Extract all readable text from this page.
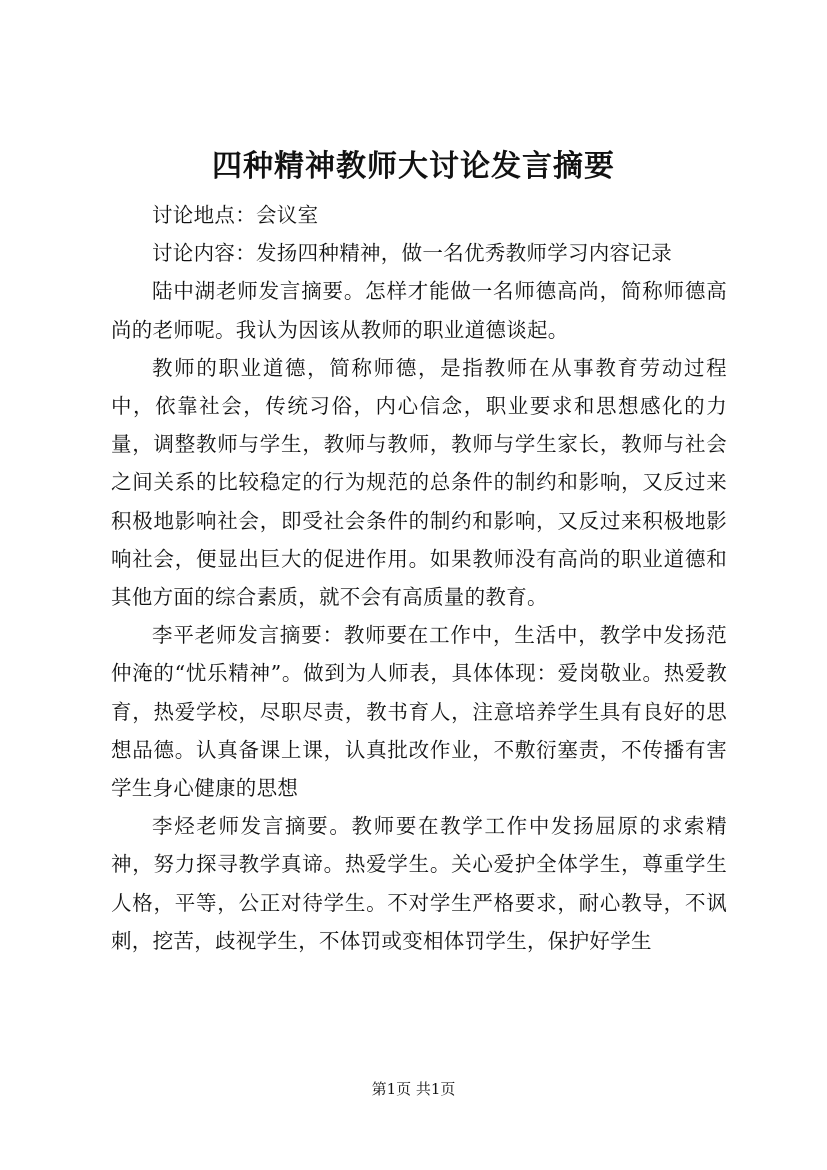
四种精神教师大讨论发言摘要

讨论地点：会议室

讨论内容：发扬四种精神，做一名优秀教师学习内容记录

陆中湖老师发言摘要。怎样才能做一名师德高尚，简称师德高尚的老师呢。我认为因该从教师的职业道德谈起。

教师的职业道德，简称师德，是指教师在从事教育劳动过程中，依靠社会，传统习俗，内心信念，职业要求和思想感化的力量，调整教师与学生，教师与教师，教师与学生家长，教师与社会之间关系的比较稳定的行为规范的总条件的制约和影响，又反过来积极地影响社会，即受社会条件的制约和影响，又反过来积极地影响社会，便显出巨大的促进作用。如果教师没有高尚的职业道德和其他方面的综合素质，就不会有高质量的教育。

李平老师发言摘要：教师要在工作中，生活中，教学中发扬范仲淹的“忧乐精神”。做到为人师表，具体体现：爱岗敬业。热爱教育，热爱学校，尽职尽责，教书育人，注意培养学生具有良好的思想品德。认真备课上课，认真批改作业，不敷衍塞责，不传播有害学生身心健康的思想

李烃老师发言摘要。教师要在教学工作中发扬屈原的求索精神，努力探寻教学真谛。热爱学生。关心爱护全体学生，尊重学生人格，平等，公正对待学生。不对学生严格要求，耐心教导，不讽刺，挖苦，歧视学生，不体罚或变相体罚学生，保护好学生

第1页 共1页
